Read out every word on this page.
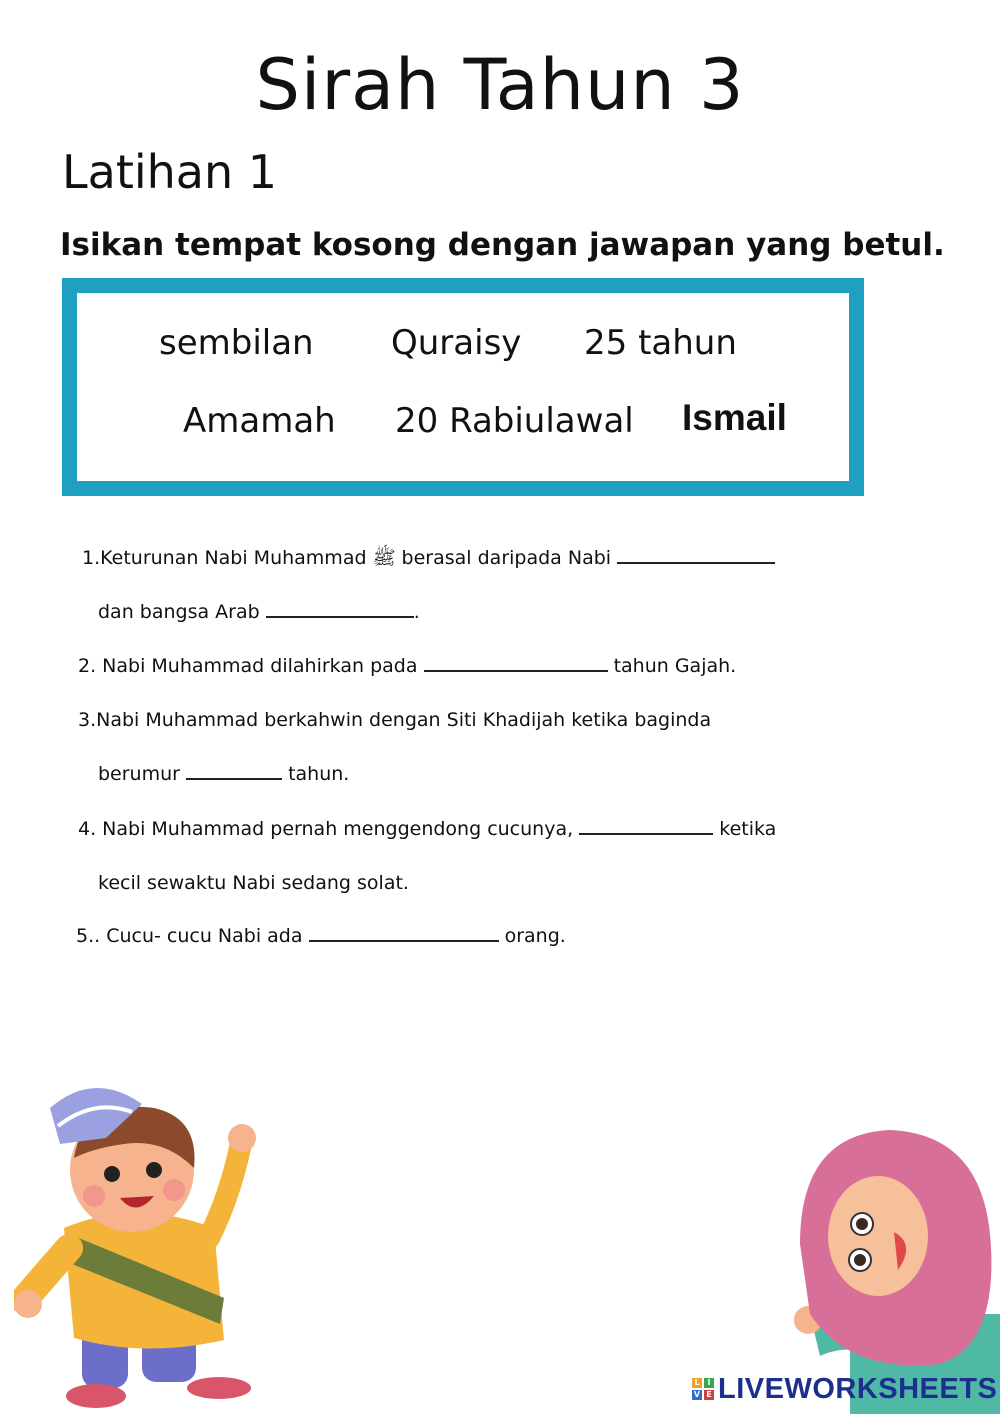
Sirah Tahun 3
Latihan 1

Isikan tempat kosong dengan jawapan yang betul.

sembilan Quraisy 25 tahun
Amamah 20 Rabiulawal Ismail
1.Keturunan Nabi Muhammad ﷺ berasal daripada Nabi
dan bangsa Arab	.
2. Nabi Muhammad dilahirkan pada	tahun Gajah.
3.Nabi Muhammad berkahwin dengan Siti Khadijah ketika baginda
berumur	tahun.
4. Nabi Muhammad pernah menggendong cucunya,	ketika
kecil sewaktu Nabi sedang solat.
5.. Cucu- cucu Nabi ada	orang.
L I
V E LIVEWORKSHEETS
